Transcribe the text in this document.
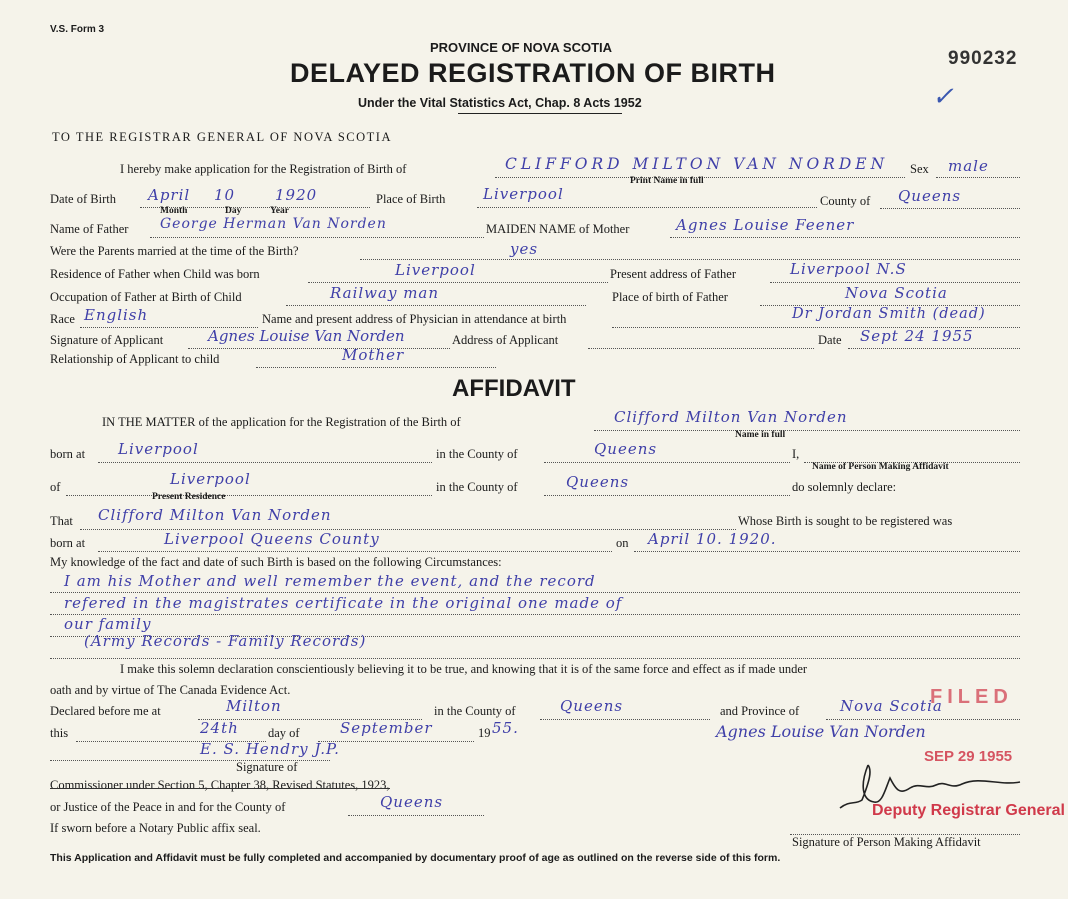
V.S. Form 3
PROVINCE OF NOVA SCOTIA
DELAYED REGISTRATION OF BIRTH
Under the Vital Statistics Act, Chap. 8 Acts 1952
990232
✓
TO THE REGISTRAR GENERAL OF NOVA SCOTIA
I hereby make application for the Registration of Birth of	CLIFFORD MILTON VAN NORDEN
Print Name in full
Sex male
Date of Birth April 10	1920
Month	Day	Year
Place of Birth	Liverpool	County of Queens
Name of Father George Herman Van Norden	MAIDEN NAME of Mother	Agnes Louise Feener
Were the Parents married at the time of the Birth?	yes
Residence of Father when Child was born	Liverpool	Present address of Father	Liverpool N.S
Occupation of Father at Birth of Child	Railway man	Place of birth of Father	Nova Scotia
Race English	Name and present address of Physician in attendance at birth	Dr Jordan Smith (dead)
Signature of Applicant	Agnes Louise Van Norden	Address of Applicant	Date Sept 24 1955
Relationship of Applicant to child	Mother
AFFIDAVIT
IN THE MATTER of the application for the Registration of the Birth of	Clifford Milton Van Norden
Name in full
born at Liverpool	in the County of	Queens	I,
Name of Person Making Affidavit
of	Liverpool
Present Residence
in the County of	Queens	do solemnly declare:
That Clifford Milton Van Norden	Whose Birth is sought to be registered was
born at	Liverpool Queens County	on April 10. 1920.
My knowledge of the fact and date of such Birth is based on the following Circumstances:
I am his Mother and well remember the event, and the record
refered in the magistrates certificate in the original one made of
our family
(Army Records - Family Records)
I make this solemn declaration conscientiously believing it to be true, and knowing that it is of the same force and effect as if made under
oath and by virtue of The Canada Evidence Act.
Declared before me at	Milton	in the County of	Queens	and Province of	Nova Scotia
this	24th day of	September	19 55.
E. S. Hendry J.P.
Signature of
Commissioner under Section 5, Chapter 38, Revised Statutes, 1923,
or Justice of the Peace in and for the County of	Queens
If sworn before a Notary Public affix seal.
Agnes Louise Van Norden
FILED
SEP 29 1955
Deputy Registrar General
Signature of Person Making Affidavit
This Application and Affidavit must be fully completed and accompanied by documentary proof of age as outlined on the reverse side of this form.
